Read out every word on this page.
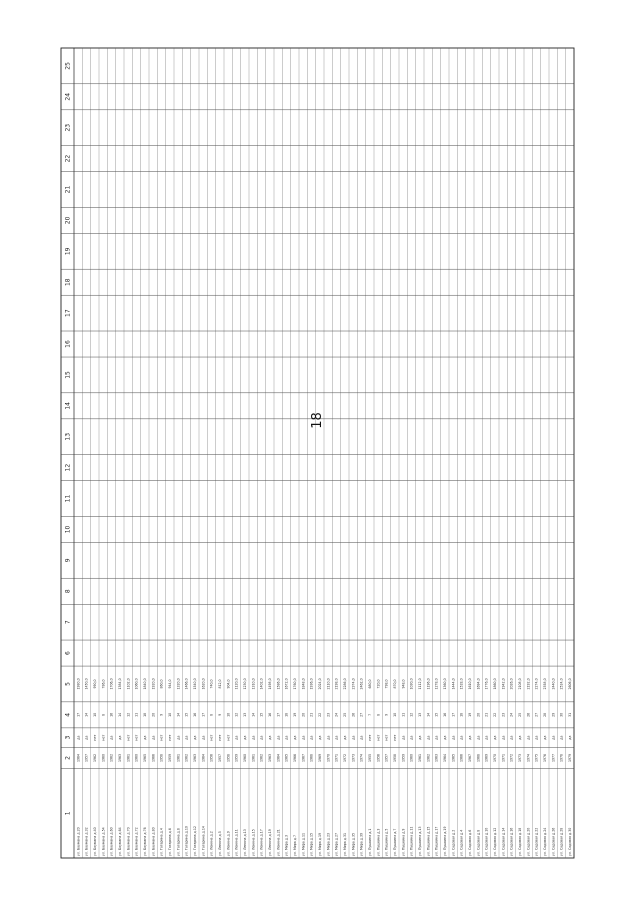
1
2
3
4
5
6
7
8
9
10
11
12
13
14
15
16
17
18
19
20
21
22
23
24
25
ул. Баумана д.20
1964
да
17
1980,0
ул. Баумана д.32
1957
да
14
1450,0
ул. Баумана д.40
1962
нет
10
990,0
ул. Баумана д.54
1960
нет
8
786,0
ул. Баумана д.60
1962
да
16
1706,0
ул. Баумана д.64
1963
да
14
1384,0
ул. Баумана д.70
1961
нет
12
1102,0
ул. Баумана д.72
1960
нет
11
1060,0
ул. Баумана д.76
1965
да
18
1840,0
ул. Баумана д.80
1966
да
20
1920,0
ул. Гагарина д.4
1958
нет
9
860,0
ул. Гагарина д.6
1959
нет
10
944,0
ул. Гагарина д.8
1961
да
14
1320,0
ул. Гагарина д.10
1962
да
15
1466,0
ул. Гагарина д.12
1963
да
16
1540,0
ул. Гагарина д.14
1964
да
17
1620,0
ул. Ленина д.2
1956
нет
8
740,0
ул. Ленина д.5
1957
нет
9
812,0
ул. Ленина д.9
1958
нет
10
904,0
ул. Ленина д.11
1959
да
12
1120,0
ул. Ленина д.13
1960
да
13
1230,0
ул. Ленина д.15
1961
да
14
1310,0
ул. Ленина д.17
1962
да
15
1402,0
ул. Ленина д.19
1963
да
16
1498,0
ул. Ленина д.21
1964
да
17
1586,0
ул. Мира д.3
1965
да
18
1672,0
ул. Мира д.7
1966
да
19
1760,0
ул. Мира д.11
1967
да
20
1848,0
ул. Мира д.15
1968
да
21
1936,0
ул. Мира д.19
1969
да
22
2024,0
ул. Мира д.23
1970
да
23
2110,0
ул. Мира д.27
1971
да
24
2198,0
ул. Мира д.31
1972
да
25
2286,0
ул. Мира д.35
1973
да
26
2374,0
ул. Мира д.39
1974
да
27
2462,0
ул. Пушкина д.1
1955
нет
7
680,0
ул. Пушкина д.3
1956
нет
8
720,0
ул. Пушкина д.5
1957
нет
9
798,0
ул. Пушкина д.7
1958
нет
10
870,0
ул. Пушкина д.9
1959
да
11
948,0
ул. Пушкина д.11
1960
да
12
1030,0
ул. Пушкина д.13
1961
да
13
1112,0
ул. Пушкина д.15
1962
да
14
1196,0
ул. Пушкина д.17
1963
да
15
1278,0
ул. Пушкина д.19
1964
да
16
1360,0
ул. Садовая д.2
1965
да
17
1444,0
ул. Садовая д.4
1966
да
18
1528,0
ул. Садовая д.6
1967
да
19
1610,0
ул. Садовая д.8
1968
да
20
1694,0
ул. Садовая д.10
1969
да
21
1776,0
ул. Садовая д.12
1970
да
22
1860,0
ул. Садовая д.14
1971
да
23
1942,0
ул. Садовая д.16
1972
да
24
2026,0
ул. Садовая д.18
1973
да
25
2108,0
ул. Садовая д.20
1974
да
26
2192,0
ул. Садовая д.22
1975
да
27
2274,0
ул. Садовая д.24
1976
да
28
2358,0
ул. Садовая д.26
1977
да
29
2440,0
ул. Садовая д.28
1978
да
30
2524,0
ул. Садовая д.30
1979
да
31
2606,0
18
